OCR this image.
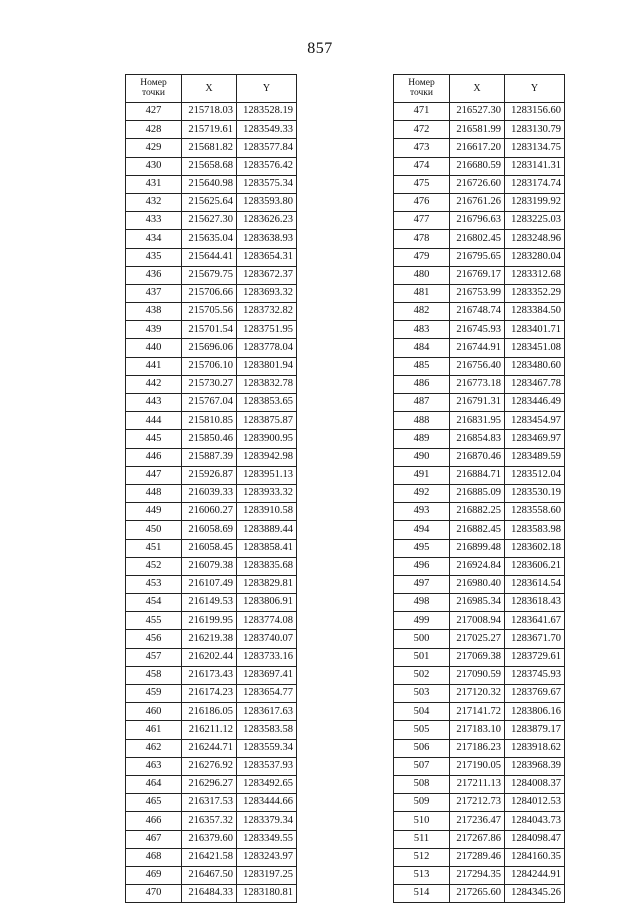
857
Номер
точки	X	Y
427	215718.03	1283528.19
428	215719.61	1283549.33
429	215681.82	1283577.84
430	215658.68	1283576.42
431	215640.98	1283575.34
432	215625.64	1283593.80
433	215627.30	1283626.23
434	215635.04	1283638.93
435	215644.41	1283654.31
436	215679.75	1283672.37
437	215706.66	1283693.32
438	215705.56	1283732.82
439	215701.54	1283751.95
440	215696.06	1283778.04
441	215706.10	1283801.94
442	215730.27	1283832.78
443	215767.04	1283853.65
444	215810.85	1283875.87
445	215850.46	1283900.95
446	215887.39	1283942.98
447	215926.87	1283951.13
448	216039.33	1283933.32
449	216060.27	1283910.58
450	216058.69	1283889.44
451	216058.45	1283858.41
452	216079.38	1283835.68
453	216107.49	1283829.81
454	216149.53	1283806.91
455	216199.95	1283774.08
456	216219.38	1283740.07
457	216202.44	1283733.16
458	216173.43	1283697.41
459	216174.23	1283654.77
460	216186.05	1283617.63
461	216211.12	1283583.58
462	216244.71	1283559.34
463	216276.92	1283537.93
464	216296.27	1283492.65
465	216317.53	1283444.66
466	216357.32	1283379.34
467	216379.60	1283349.55
468	216421.58	1283243.97
469	216467.50	1283197.25
470	216484.33	1283180.81
Номер
точки	X	Y
471	216527.30	1283156.60
472	216581.99	1283130.79
473	216617.20	1283134.75
474	216680.59	1283141.31
475	216726.60	1283174.74
476	216761.26	1283199.92
477	216796.63	1283225.03
478	216802.45	1283248.96
479	216795.65	1283280.04
480	216769.17	1283312.68
481	216753.99	1283352.29
482	216748.74	1283384.50
483	216745.93	1283401.71
484	216744.91	1283451.08
485	216756.40	1283480.60
486	216773.18	1283467.78
487	216791.31	1283446.49
488	216831.95	1283454.97
489	216854.83	1283469.97
490	216870.46	1283489.59
491	216884.71	1283512.04
492	216885.09	1283530.19
493	216882.25	1283558.60
494	216882.45	1283583.98
495	216899.48	1283602.18
496	216924.84	1283606.21
497	216980.40	1283614.54
498	216985.34	1283618.43
499	217008.94	1283641.67
500	217025.27	1283671.70
501	217069.38	1283729.61
502	217090.59	1283745.93
503	217120.32	1283769.67
504	217141.72	1283806.16
505	217183.10	1283879.17
506	217186.23	1283918.62
507	217190.05	1283968.39
508	217211.13	1284008.37
509	217212.73	1284012.53
510	217236.47	1284043.73
511	217267.86	1284098.47
512	217289.46	1284160.35
513	217294.35	1284244.91
514	217265.60	1284345.26
